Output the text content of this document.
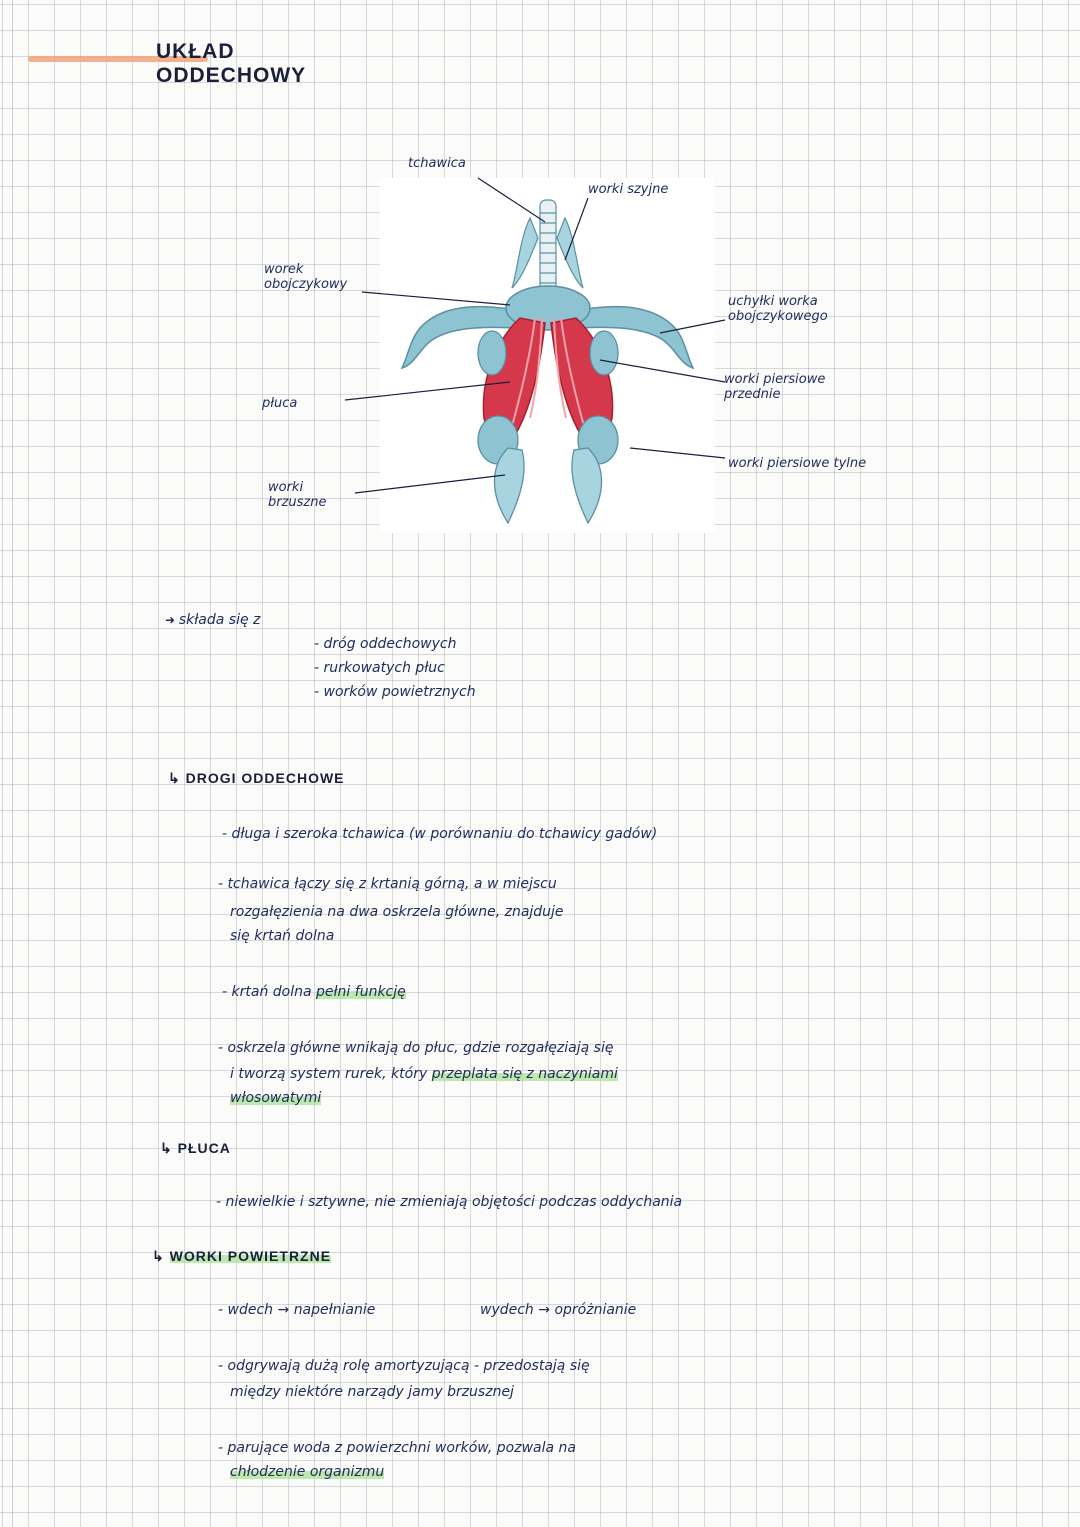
UKŁAD ODDECHOWY
tchawica
worki szyjne
worek obojczykowy
uchyłki worka obojczykowego
płuca
worki piersiowe przednie
worki brzuszne
worki piersiowe tylne
➜ składa się z
- dróg oddechowych
- rurkowatych płuc
- worków powietrznych
↳ DROGI ODDECHOWE
- długa i szeroka tchawica (w porównaniu do tchawicy gadów)
- tchawica łączy się z krtanią górną, a w miejscu
rozgałęzienia na dwa oskrzela główne, znajduje
się krtań dolna
- krtań dolna pełni funkcję
- oskrzela główne wnikają do płuc, gdzie rozgałęziają się
i tworzą system rurek, który przeplata się z naczyniami
włosowatymi
↳ PŁUCA
- niewielkie i sztywne, nie zmieniają objętości podczas oddychania
↳ WORKI POWIETRZNE
- wdech → napełnianie	wydech → opróżnianie
- odgrywają dużą rolę amortyzującą - przedostają się
między niektóre narządy jamy brzusznej
- parujące woda z powierzchni worków, pozwala na
chłodzenie organizmu
